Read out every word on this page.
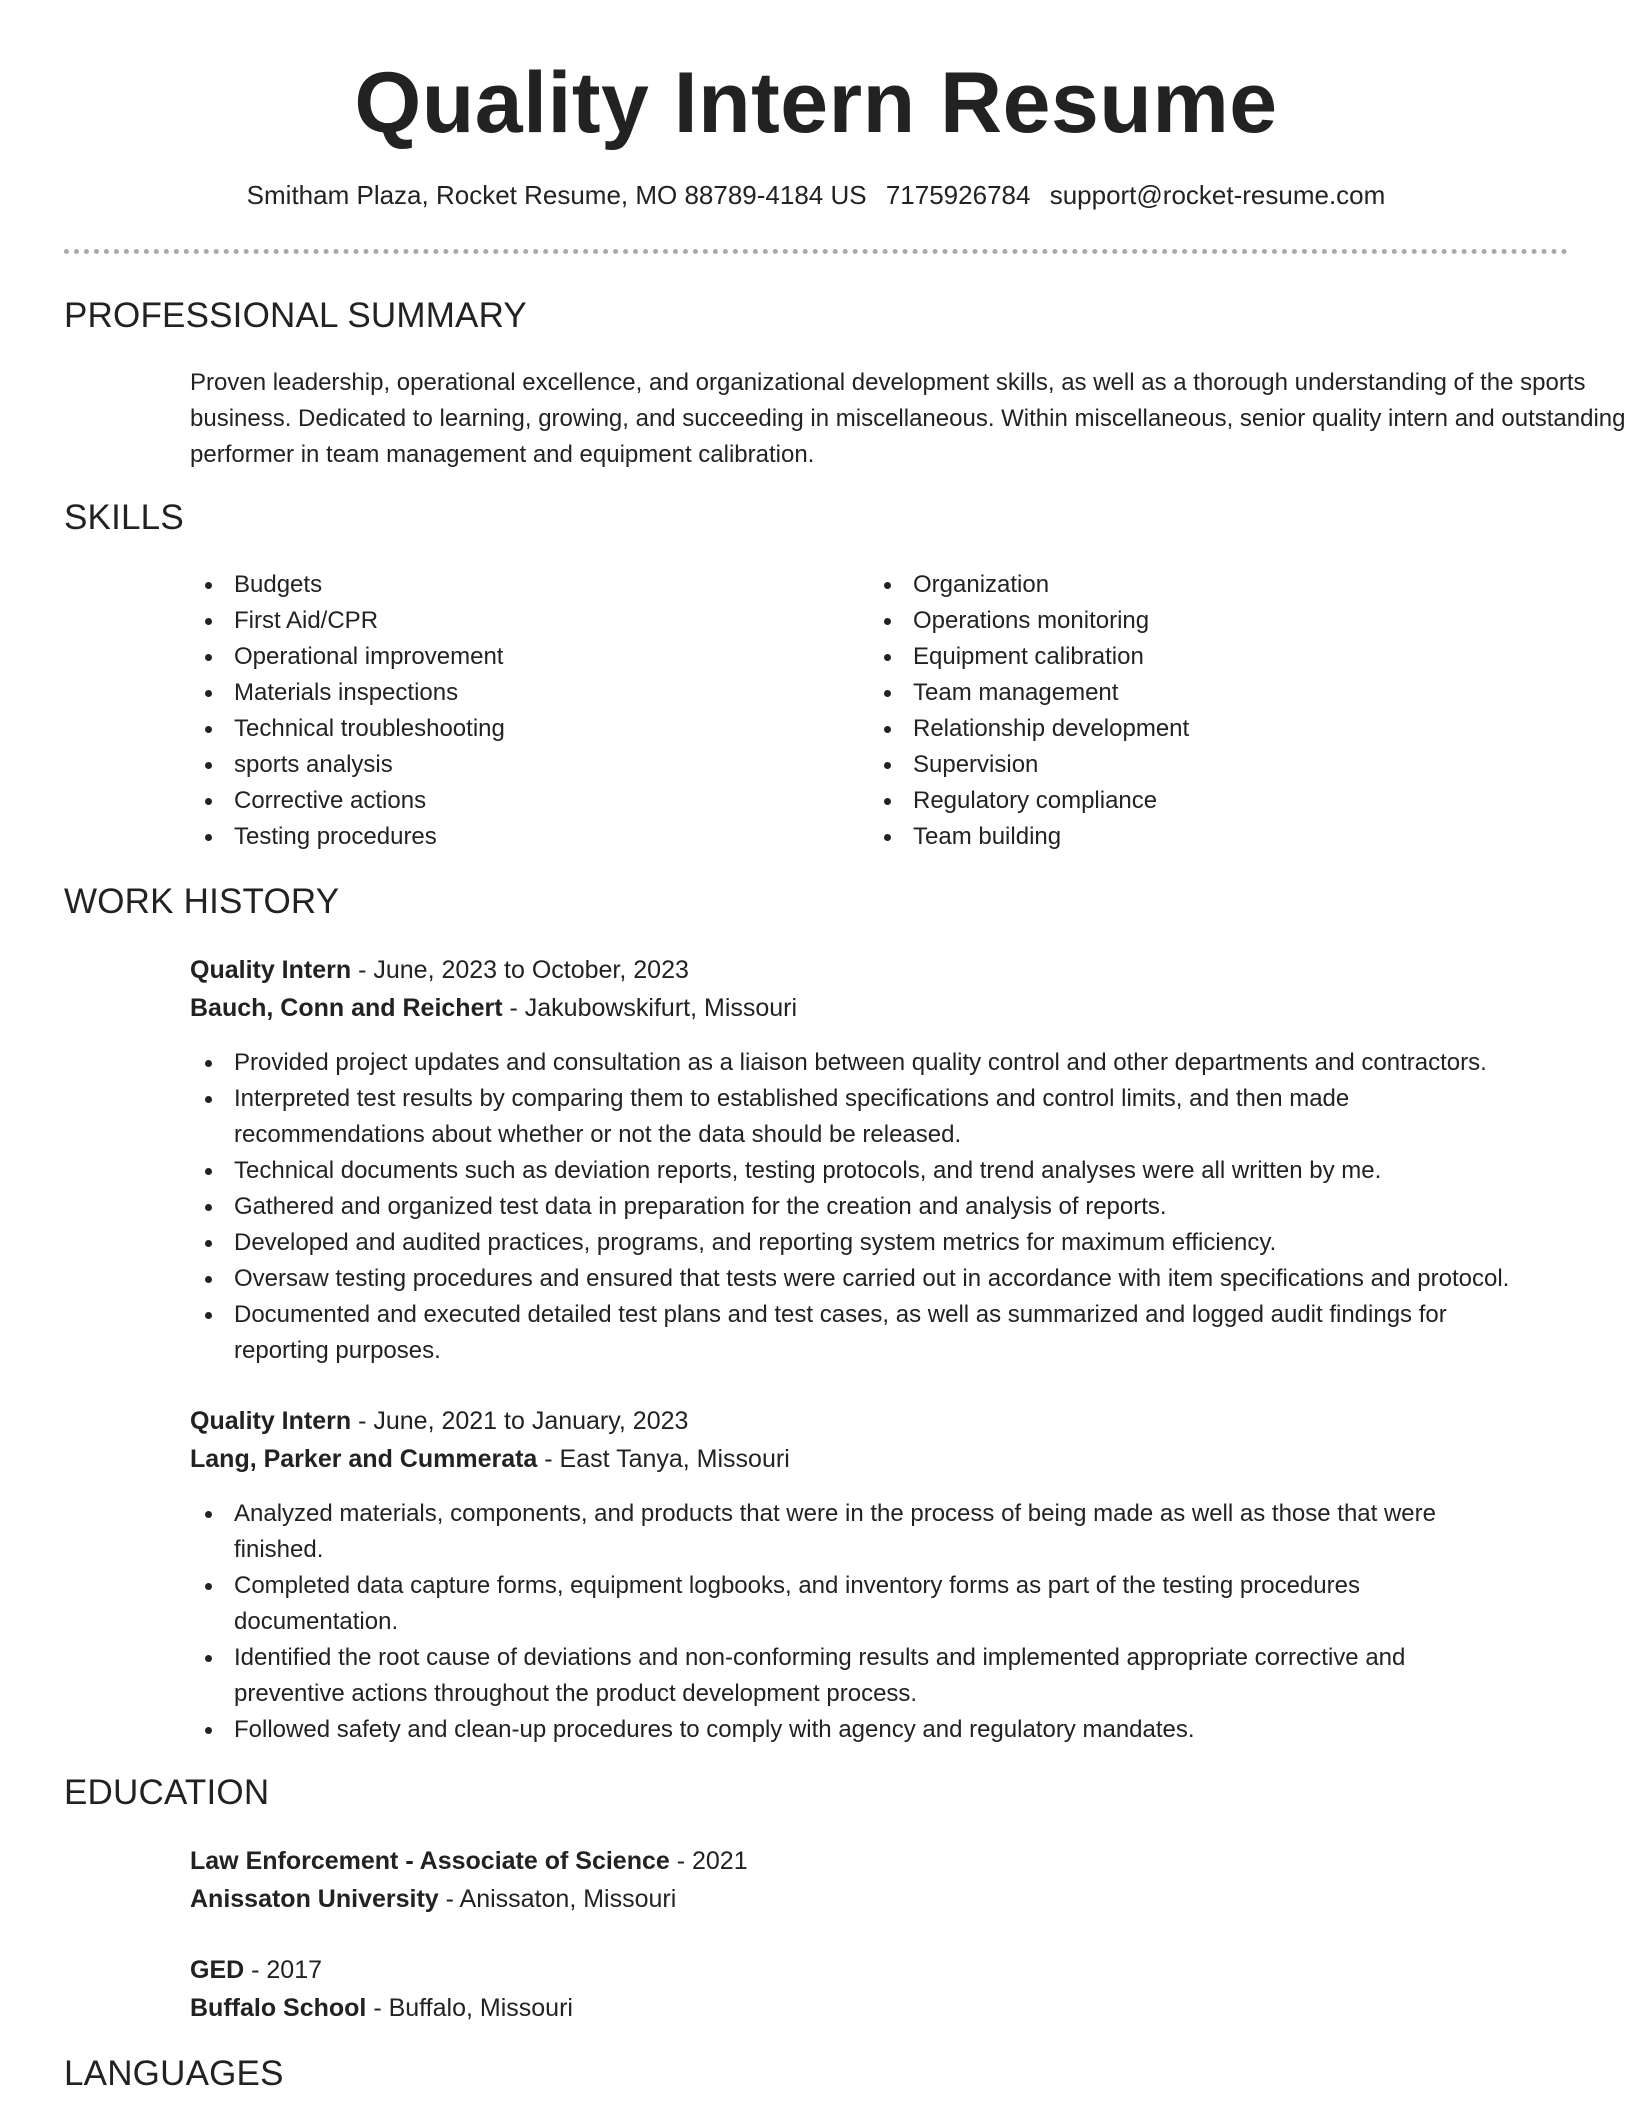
Quality Intern Resume
Smitham Plaza, Rocket Resume, MO 88789-4184 US 7175926784 support@rocket-resume.com
PROFESSIONAL SUMMARY
Proven leadership, operational excellence, and organizational development skills, as well as a thorough understanding of the sports business. Dedicated to learning, growing, and succeeding in miscellaneous. Within miscellaneous, senior quality intern and outstanding performer in team management and equipment calibration.
SKILLS
Budgets
First Aid/CPR
Operational improvement
Materials inspections
Technical troubleshooting
sports analysis
Corrective actions
Testing procedures
Organization
Operations monitoring
Equipment calibration
Team management
Relationship development
Supervision
Regulatory compliance
Team building
WORK HISTORY
Quality Intern - June, 2023 to October, 2023
Bauch, Conn and Reichert - Jakubowskifurt, Missouri
Provided project updates and consultation as a liaison between quality control and other departments and contractors.
Interpreted test results by comparing them to established specifications and control limits, and then made recommendations about whether or not the data should be released.
Technical documents such as deviation reports, testing protocols, and trend analyses were all written by me.
Gathered and organized test data in preparation for the creation and analysis of reports.
Developed and audited practices, programs, and reporting system metrics for maximum efficiency.
Oversaw testing procedures and ensured that tests were carried out in accordance with item specifications and protocol.
Documented and executed detailed test plans and test cases, as well as summarized and logged audit findings for reporting purposes.
Quality Intern - June, 2021 to January, 2023
Lang, Parker and Cummerata - East Tanya, Missouri
Analyzed materials, components, and products that were in the process of being made as well as those that were finished.
Completed data capture forms, equipment logbooks, and inventory forms as part of the testing procedures documentation.
Identified the root cause of deviations and non-conforming results and implemented appropriate corrective and preventive actions throughout the product development process.
Followed safety and clean-up procedures to comply with agency and regulatory mandates.
EDUCATION
Law Enforcement - Associate of Science - 2021
Anissaton University - Anissaton, Missouri
GED - 2017
Buffalo School - Buffalo, Missouri
LANGUAGES
